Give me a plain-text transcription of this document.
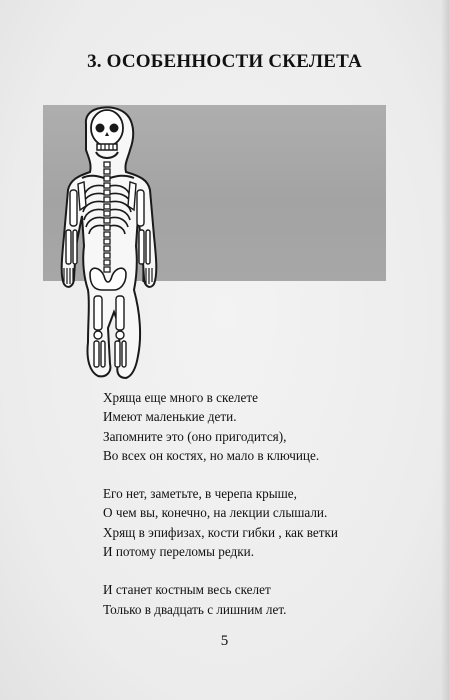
3. ОСОБЕННОСТИ СКЕЛЕТА
Хряща еще много в скелете
Имеют маленькие дети.
Запомните это (оно пригодится),
Во всех он костях, но мало в ключице.
Его нет, заметьте, в черепа крыше,
О чем вы, конечно, на лекции слышали.
Хрящ в эпифизах, кости гибки , как ветки
И потому переломы редки.
И станет костным весь скелет
Только в двадцать с лишним лет.
5
